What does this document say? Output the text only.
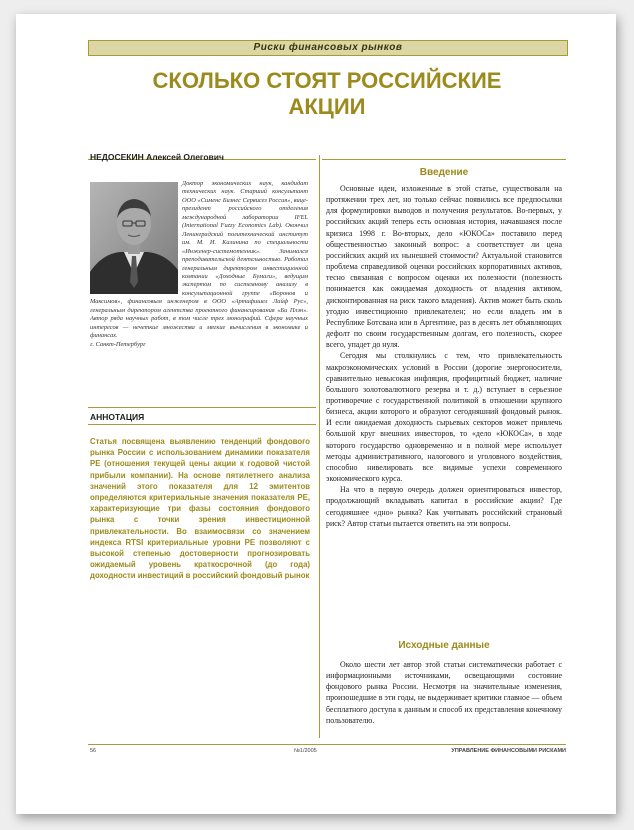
Риски финансовых рынков
СКОЛЬКО СТОЯТ РОССИЙСКИЕ
АКЦИИ
НЕДОСЕКИН Алексей Олегович
Доктор экономических наук, кандидат технических наук. Старший консультант ООО «Сименс Бизнес Сервисез Россия», вице-президент российского отделения международной лаборатории IFEL (International Fuzzy Economics Lab). Окончил Ленинградский политехнический институт им. М. И. Калинина по специальности «Инженер-системотехник». Занимался преподавательской деятельностью. Работал генеральным директором инвестиционной компании «Доходные Бумаги», ведущим экспертом по системному анализу в консультационной группе «Воронов и Максимов», финансовым инженером в ООО «Артифишел Лайф Рус», генеральным директором агентства проектного финансирования «Би Плэн». Автор ряда научных работ, в том числе трех монографий. Сфера научных интересов — нечеткие множества и мягкие вычисления в экономике и финансах.
г. Санкт-Петербург
АННОТАЦИЯ
Статья посвящена выявлению тенденций фондового рынка России с использованием динамики показателя PE (отношения текущей цены акции к годовой чистой прибыли компании). На основе пятилетнего анализа значений этого показателя для 12 эмитентов определяются критериальные значения показателя PE, характеризующие три фазы состояния фондового рынка с точки зрения инвестиционной привлекательности. Во взаимосвязи со значением индекса RTSI критериальные уровни PE позволяют с высокой степенью достоверности прогнозировать ожидаемый уровень краткосрочной (до года) доходности инвестиций в российский фондовый рынок
Введение

Основные идеи, изложенные в этой статье, существовали на протяжении трех лет, но только сейчас появились все предпосылки для формулировки выводов и получения результатов. Во-первых, у российских акций теперь есть основная история, начавшаяся после кризиса 1998 г. Во-вторых, дело «ЮКОСа» поставило перед общественностью законный вопрос: а соответствует ли цена российских акций их нынешней стоимости? Актуальной становится проблема справедливой оценки российских корпоративных активов, тесно связанная с вопросом оценки их полезности (полезность понимается как ожидаемая доходность от владения активом, дисконтированная на риск такого владения). Актив может быть сколь угодно инвестиционно привлекателен; но если владеть им в Республике Ботсвана или в Аргентине, раз в десять лет объявляющих дефолт по своим государственным долгам, его полезность, скорее всего, упадет до нуля.

Сегодня мы столкнулись с тем, что привлекательность макроэкономических условий в России (дорогие энергоносители, сравнительно невысокая инфляция, профицитный бюджет, наличие большого золотовалютного резерва и т. д.) вступает в серьезное противоречие с государственной политикой в отношении крупного бизнеса, акции которого и образуют сегодняшний фондовый рынок. И если ожидаемая доходность сырьевых секторов может привлечь большой круг внешних инвесторов, то «дело «ЮКОСа», в ходе которого государство одновременно и в полной мере использует методы административного, налогового и уголовного воздействия, способно нивелировать все видимые успехи современного экономического курса.

На что в первую очередь должен ориентироваться инвестор, продолжающий вкладывать капитал в российские акции? Где сегодняшнее «дно» рынка? Как учитывать российский страновый риск? Автор статьи пытается ответить на эти вопросы.

Исходные данные

Около шести лет автор этой статьи систематически работает с информационными источниками, освещающими состояние фондового рынка России. Несмотря на значительные изменения, произошедшие в эти годы, не выдерживает критики главное — объем бесплатного доступа к данным и способ их представления конечному пользователю.

56	№1/2005	УПРАВЛЕНИЕ ФИНАНСОВЫМИ РИСКАМИ
